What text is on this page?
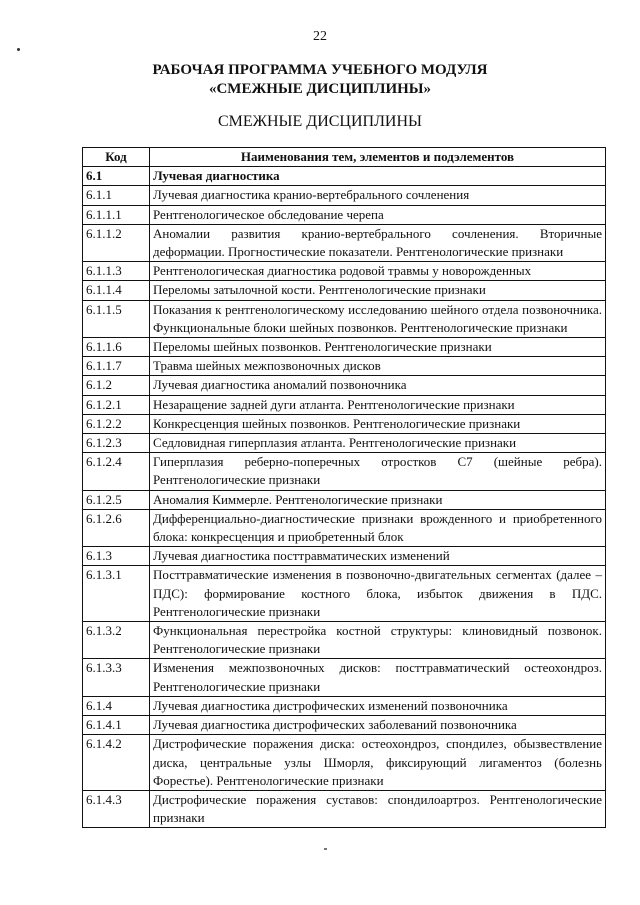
22
РАБОЧАЯ ПРОГРАММА УЧЕБНОГО МОДУЛЯ
«СМЕЖНЫЕ ДИСЦИПЛИНЫ»
СМЕЖНЫЕ ДИСЦИПЛИНЫ
Код	Наименования тем, элементов и подэлементов
6.1	Лучевая диагностика
6.1.1	Лучевая диагностика кранио-вертебрального сочленения
6.1.1.1	Рентгенологическое обследование черепа
6.1.1.2	Аномалии развития кранио-вертебрального сочленения. Вторичные деформации. Прогностические показатели. Рентгенологические признаки
6.1.1.3	Рентгенологическая диагностика родовой травмы у новорожденных
6.1.1.4	Переломы затылочной кости. Рентгенологические признаки
6.1.1.5	Показания к рентгенологическому исследованию шейного отдела позвоночника. Функциональные блоки шейных позвонков. Рентгенологические признаки
6.1.1.6	Переломы шейных позвонков. Рентгенологические признаки
6.1.1.7	Травма шейных межпозвоночных дисков
6.1.2	Лучевая диагностика аномалий позвоночника
6.1.2.1	Незаращение задней дуги атланта. Рентгенологические признаки
6.1.2.2	Конкресценция шейных позвонков. Рентгенологические признаки
6.1.2.3	Седловидная гиперплазия атланта. Рентгенологические признаки
6.1.2.4	Гиперплазия реберно-поперечных отростков С7 (шейные ребра). Рентгенологические признаки
6.1.2.5	Аномалия Киммерле. Рентгенологические признаки
6.1.2.6	Дифференциально-диагностические признаки врожденного и приобретенного блока: конкресценция и приобретенный блок
6.1.3	Лучевая диагностика посттравматических изменений
6.1.3.1	Посттравматические изменения в позвоночно-двигательных сегментах (далее – ПДС): формирование костного блока, избыток движения в ПДС. Рентгенологические признаки
6.1.3.2	Функциональная перестройка костной структуры: клиновидный позвонок. Рентгенологические признаки
6.1.3.3	Изменения межпозвоночных дисков: посттравматический остеохондроз. Рентгенологические признаки
6.1.4	Лучевая диагностика дистрофических изменений позвоночника
6.1.4.1	Лучевая диагностика дистрофических заболеваний позвоночника
6.1.4.2	Дистрофические поражения диска: остеохондроз, спондилез, обызвествление диска, центральные узлы Шморля, фиксирующий лигаментоз (болезнь Форестье). Рентгенологические признаки
6.1.4.3	Дистрофические поражения суставов: спондилоартроз. Рентгенологические признаки
